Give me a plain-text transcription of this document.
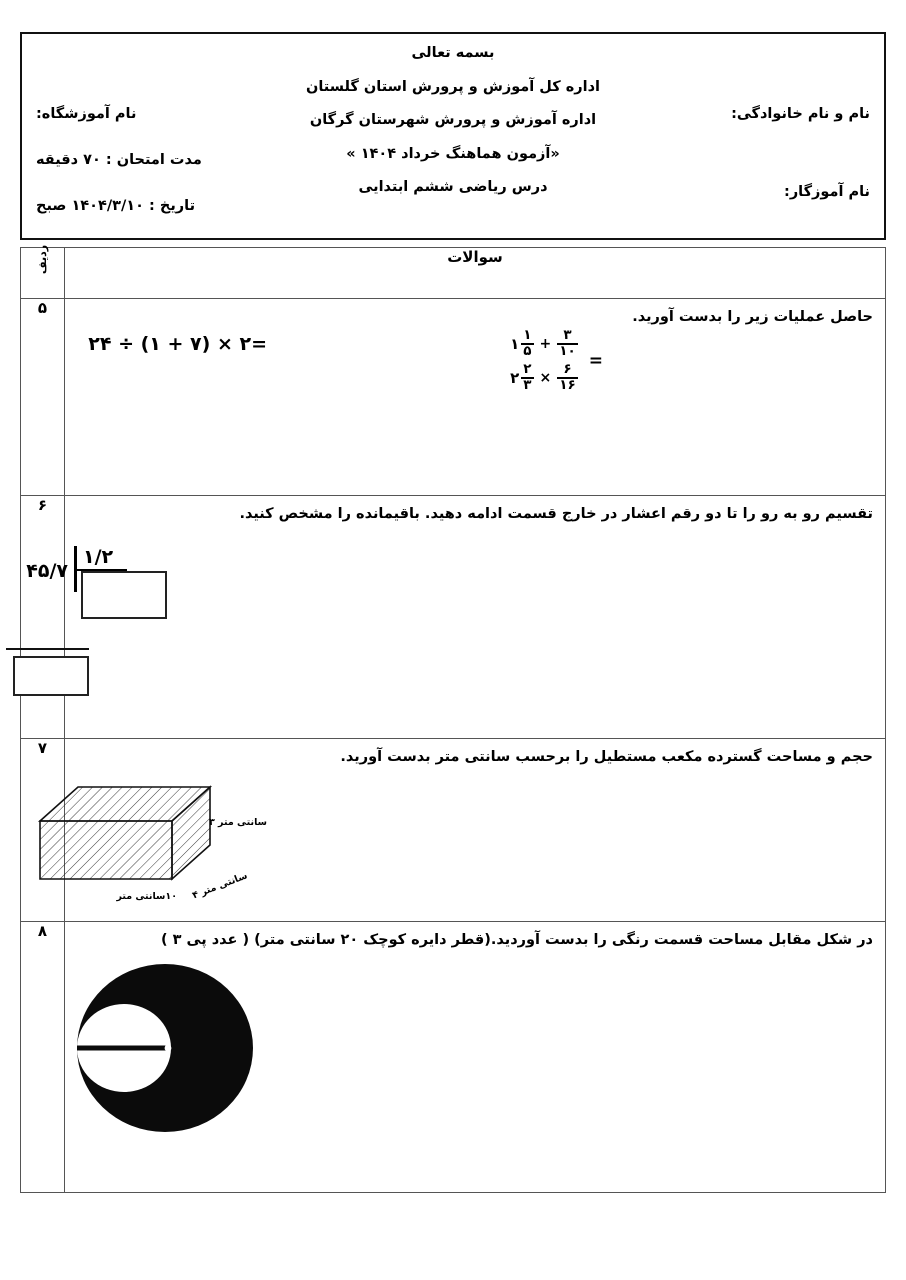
بسمه تعالی
اداره کل آموزش و پرورش استان گلستان
اداره آموزش و پرورش شهرستان گرگان
«آزمون هماهنگ خرداد ۱۴۰۴ »
درس ریاضی ششم ابتدایی
نام و نام خانوادگی:
نام آموزگار:
نام آموزشگاه:
مدت امتحان : ۷۰ دقیقه
تاریخ : ۱۴۰۴/۳/۱۰ صبح
سوالات	ردیف

حاصل عملیات زیر را بدست آورید.
۲۴ ÷ (۱ + ۷) × ۲=	۱ $\frac{۱}{۵} + \frac{۳}{۱۰}$
۲ $\frac{۲}{۳} \times \frac{۶}{۱۶}$
=
	۵

تقسیم رو به رو را تا دو رقم اعشار در خارج قسمت ادامه دهید. باقیمانده را مشخص کنید.
۴۵/۷
۱/۲	۶

حجم و مساحت گسترده مکعب مستطیل را برحسب سانتی متر بدست آورید.
سانتی متر ۳
سانتی متر ۴
۱۰سانتی متر	۷

در شکل مقابل مساحت قسمت رنگی را بدست آوردید.(قطر دایره کوچک ۲۰ سانتی متر) ( عدد پی ۳ )	۸
